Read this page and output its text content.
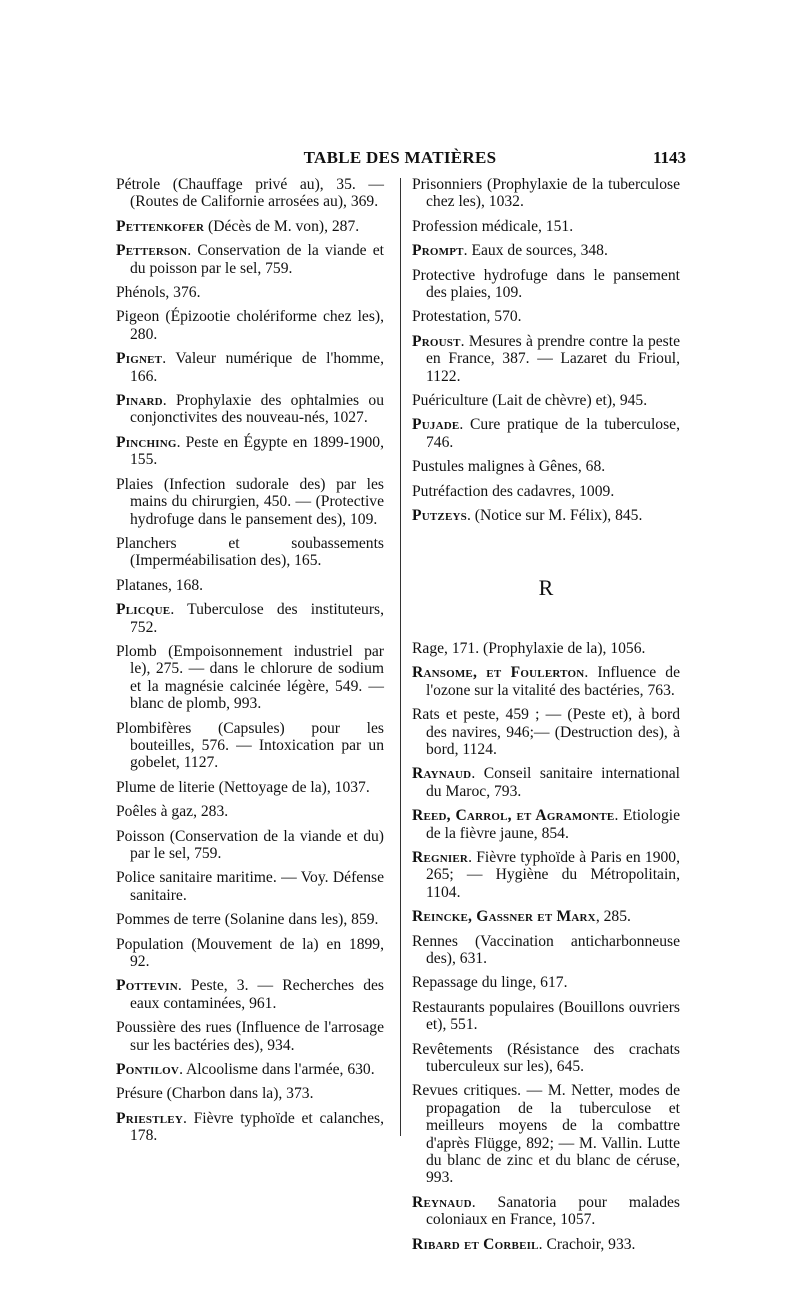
TABLE DES MATIÈRES	1143

Pétrole (Chauffage privé au), 35. — (Routes de Californie arrosées au), 369.

Pettenkofer (Décès de M. von), 287.

Petterson. Conservation de la viande et du poisson par le sel, 759.

Phénols, 376.

Pigeon (Épizootie cholériforme chez les), 280.

Pignet. Valeur numérique de l'homme, 166.

Pinard. Prophylaxie des ophtalmies ou conjonctivites des nouveau-nés, 1027.

Pinching. Peste en Égypte en 1899-1900, 155.

Plaies (Infection sudorale des) par les mains du chirurgien, 450. — (Protective hydrofuge dans le pansement des), 109.

Planchers et soubassements (Imperméabilisation des), 165.

Platanes, 168.

Plicque. Tuberculose des instituteurs, 752.

Plomb (Empoisonnement industriel par le), 275. — dans le chlorure de sodium et la magnésie calcinée légère, 549. — blanc de plomb, 993.

Plombifères (Capsules) pour les bouteilles, 576. — Intoxication par un gobelet, 1127.

Plume de literie (Nettoyage de la), 1037.

Poêles à gaz, 283.

Poisson (Conservation de la viande et du) par le sel, 759.

Police sanitaire maritime. — Voy. Défense sanitaire.

Pommes de terre (Solanine dans les), 859.

Population (Mouvement de la) en 1899, 92.

Pottevin. Peste, 3. — Recherches des eaux contaminées, 961.

Poussière des rues (Influence de l'arrosage sur les bactéries des), 934.

Pontilov. Alcoolisme dans l'armée, 630.

Présure (Charbon dans la), 373.

Priestley. Fièvre typhoïde et calanches, 178.

Prisonniers (Prophylaxie de la tuberculose chez les), 1032.

Profession médicale, 151.

Prompt. Eaux de sources, 348.

Protective hydrofuge dans le pansement des plaies, 109.

Protestation, 570.

Proust. Mesures à prendre contre la peste en France, 387. — Lazaret du Frioul, 1122.

Puériculture (Lait de chèvre) et), 945.

Pujade. Cure pratique de la tuberculose, 746.

Pustules malignes à Gênes, 68.

Putréfaction des cadavres, 1009.

Putzeys. (Notice sur M. Félix), 845.

R

Rage, 171. (Prophylaxie de la), 1056.

Ransome, et Foulerton. Influence de l'ozone sur la vitalité des bactéries, 763.

Rats et peste, 459 ; — (Peste et), à bord des navires, 946;— (Destruction des), à bord, 1124.

Raynaud. Conseil sanitaire international du Maroc, 793.

Reed, Carrol, et Agramonte. Etiologie de la fièvre jaune, 854.

Regnier. Fièvre typhoïde à Paris en 1900, 265; — Hygiène du Métropolitain, 1104.

Reincke, Gassner et Marx, 285.

Rennes (Vaccination anticharbonneuse des), 631.

Repassage du linge, 617.

Restaurants populaires (Bouillons ouvriers et), 551.

Revêtements (Résistance des crachats tuberculeux sur les), 645.

Revues critiques. — M. Netter, modes de propagation de la tuberculose et meilleurs moyens de la combattre d'après Flügge, 892; — M. Vallin. Lutte du blanc de zinc et du blanc de céruse, 993.

Reynaud. Sanatoria pour malades coloniaux en France, 1057.

Ribard et Corbeil. Crachoir, 933.
